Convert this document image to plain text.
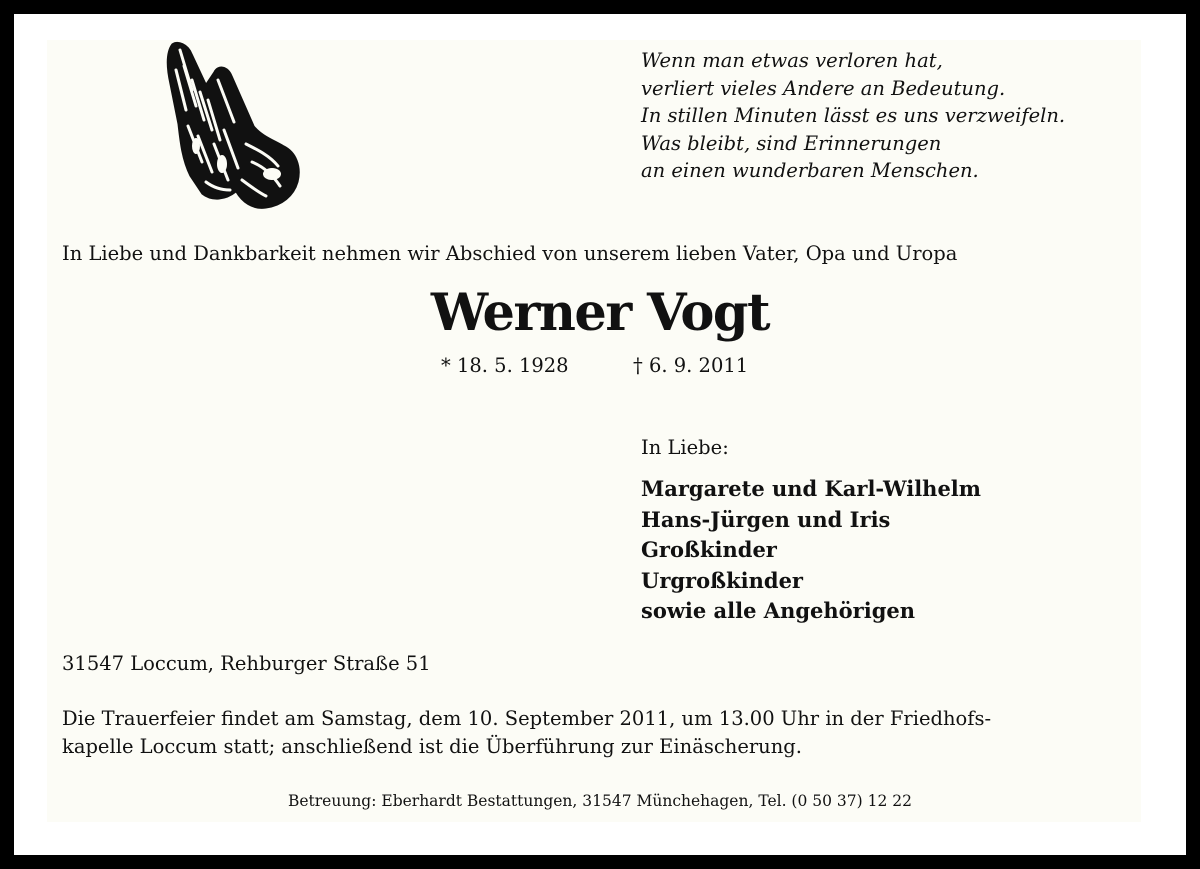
Wenn man etwas verloren hat,
verliert vieles Andere an Bedeutung.
In stillen Minuten lässt es uns verzweifeln.
Was bleibt, sind Erinnerungen
an einen wunderbaren Menschen.
In Liebe und Dankbarkeit nehmen wir Abschied von unserem lieben Vater, Opa und Uropa
Werner Vogt
* 18. 5. 1928	† 6. 9. 2011
In Liebe:
Margarete und Karl-Wilhelm
Hans-Jürgen und Iris
Großkinder
Urgroßkinder
sowie alle Angehörigen
31547 Loccum, Rehburger Straße 51
Die Trauerfeier findet am Samstag, dem 10. September 2011, um 13.00 Uhr in der Friedhofs-
kapelle Loccum statt; anschließend ist die Überführung zur Einäscherung.
Betreuung: Eberhardt Bestattungen, 31547 Münchehagen, Tel. (0 50 37) 12 22
